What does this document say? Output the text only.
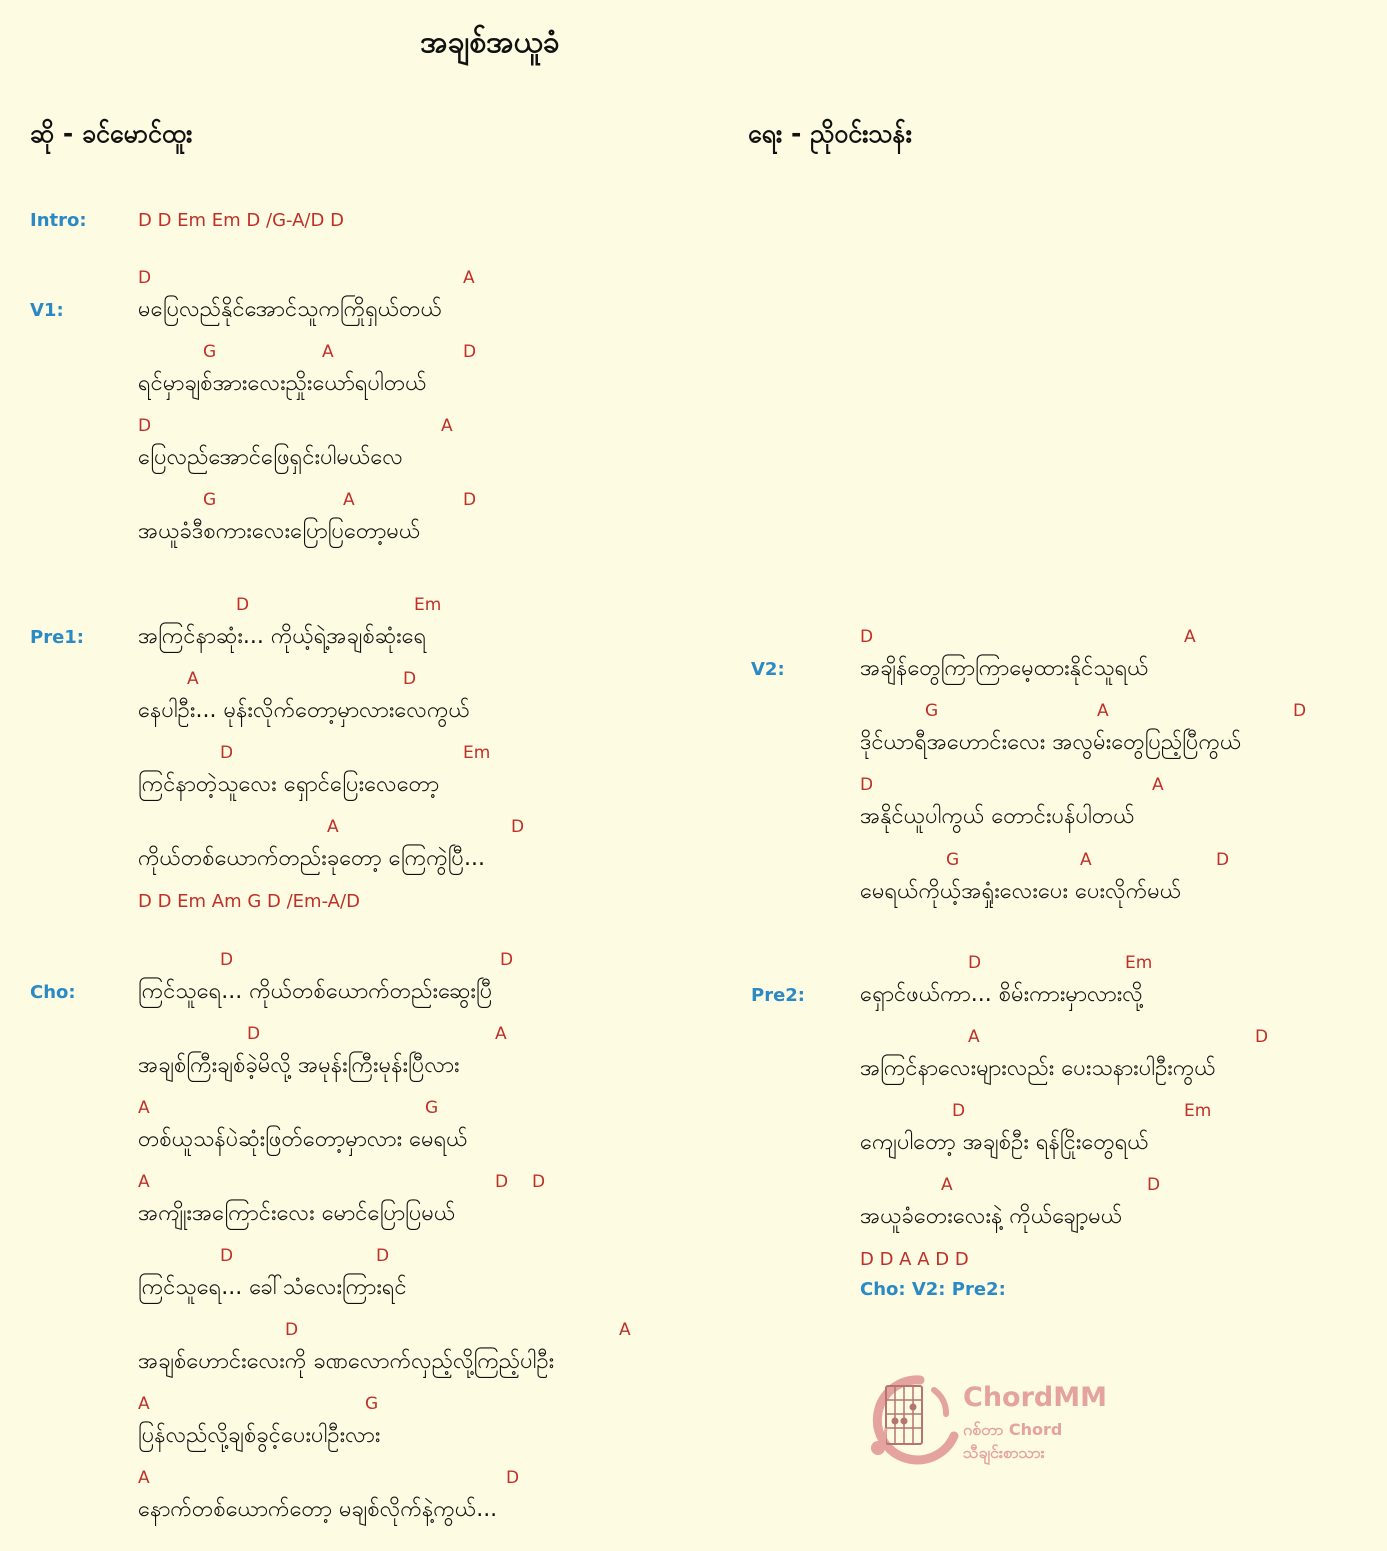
အချစ်အယူခံ
ဆို - ခင်မောင်ထူး	ရေး - ညိုဝင်းသန်း
Intro:	D D Em Em D /G-A/D D
V1:
D	A
မပြေလည်နိုင်အောင်သူကကြိုရှယ်တယ်
G	A	D
ရင်မှာချစ်အားလေးညှိုးယော်ရပါတယ်
D	A
ပြေလည်အောင်ဖြေရှင်းပါမယ်လေ
G	A	D
အယူခံဒီစကားလေးပြောပြတော့မယ်
Pre1:
D	Em
အကြင်နာဆုံး... ကိုယ့်ရဲ့အချစ်ဆုံးရေ
A	D
နေပါဦး... မုန်းလိုက်တော့မှာလားလေကွယ်
D	Em
ကြင်နာတဲ့သူလေး ရှောင်ပြေးလေတော့
A	D
ကိုယ်တစ်ယောက်တည်းခုတော့ ကြေကွဲပြီ...
D D Em Am G D /Em-A/D
Cho:
D	D
ကြင်သူရေ... ကိုယ်တစ်ယောက်တည်းဆွေးပြီ
D	A
အချစ်ကြီးချစ်ခဲ့မိလို့ အမုန်းကြီးမုန်းပြီလား
A	G
တစ်ယူသန်ပဲဆုံးဖြတ်တော့မှာလား မေရယ်
A	D D
အကျိုးအကြောင်းလေး မောင်ပြောပြမယ်
D	D
ကြင်သူရေ... ခေါ်သံလေးကြားရင်
D	A
အချစ်ဟောင်းလေးကို ခဏလောက်လှည့်လို့ကြည့်ပါဦး
A	G
ပြန်လည်လို့ချစ်ခွင့်ပေးပါဦးလား
A	D
နောက်တစ်ယောက်တော့ မချစ်လိုက်နဲ့ကွယ်...
V2:
D	A
အချိန်တွေကြာကြာမေ့ထားနိုင်သူရယ်
G	A	D
ဒိုင်ယာရီအဟောင်းလေး အလွမ်းတွေပြည့်ပြီကွယ်
D	A
အနိုင်ယူပါကွယ် တောင်းပန်ပါတယ်
G	A	D
မေရယ်ကိုယ့်အရှုံးလေးပေး ပေးလိုက်မယ်
Pre2:
D	Em
ရှောင်ဖယ်ကာ... စိမ်းကားမှာလားလို့
A	D
အကြင်နာလေးများလည်း ပေးသနားပါဦးကွယ်
D	Em
ကျေပါတော့ အချစ်ဦး ရန်ငြိုးတွေရယ်
A	D
အယူခံတေးလေးနဲ့ ကိုယ်ချော့မယ်
D D A A D D
Cho: V2: Pre2:
ChordMM
ဂစ်တာ Chord
သီချင်းစာသား
